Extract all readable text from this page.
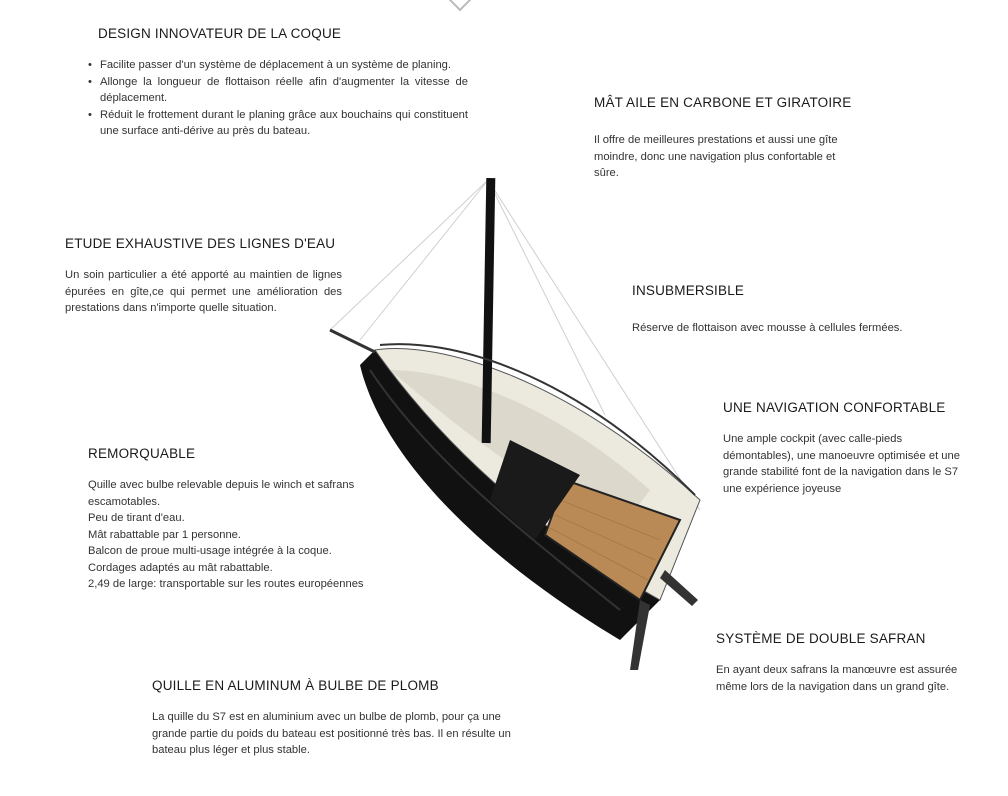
DESIGN INNOVATEUR DE LA COQUE
• Facilite passer d'un système de déplacement à un système de planing.
• Allonge la longueur de flottaison réelle afin d'augmenter la vitesse de déplacement.
• Réduit le frottement durant le planing grâce aux bouchains qui constituent une surface anti-dérive au près du bateau.
MÂT AILE EN CARBONE ET GIRATOIRE
Il offre de meilleures prestations et aussi une gîte moindre, donc une navigation plus confortable et sûre.
ETUDE EXHAUSTIVE DES LIGNES D'EAU
Un soin particulier a été apporté au maintien de lignes épurées en gîte,ce qui permet une amélioration des prestations dans n'importe quelle situation.
INSUBMERSIBLE
Réserve de flottaison avec mousse à cellules fermées.
UNE NAVIGATION CONFORTABLE
Une ample cockpit (avec calle-pieds démontables), une manoeuvre optimisée et une grande stabilité font de la navigation dans le S7 une expérience joyeuse
REMORQUABLE
Quille avec bulbe relevable depuis le winch et safrans escamotables.
Peu de tirant d'eau.
Mât rabattable par 1 personne.
Balcon de proue multi-usage intégrée à la coque.
Cordages adaptés au mât rabattable.
2,49 de large: transportable sur les routes européennes
SYSTÈME DE DOUBLE SAFRAN
En ayant deux safrans la manœuvre est assurée même lors de la navigation dans un grand gîte.
QUILLE EN ALUMINUM À BULBE DE PLOMB
La quille du S7 est en aluminium avec un bulbe de plomb, pour ça une grande partie du poids du bateau est positionné très bas. Il en résulte un bateau plus léger et plus stable.
